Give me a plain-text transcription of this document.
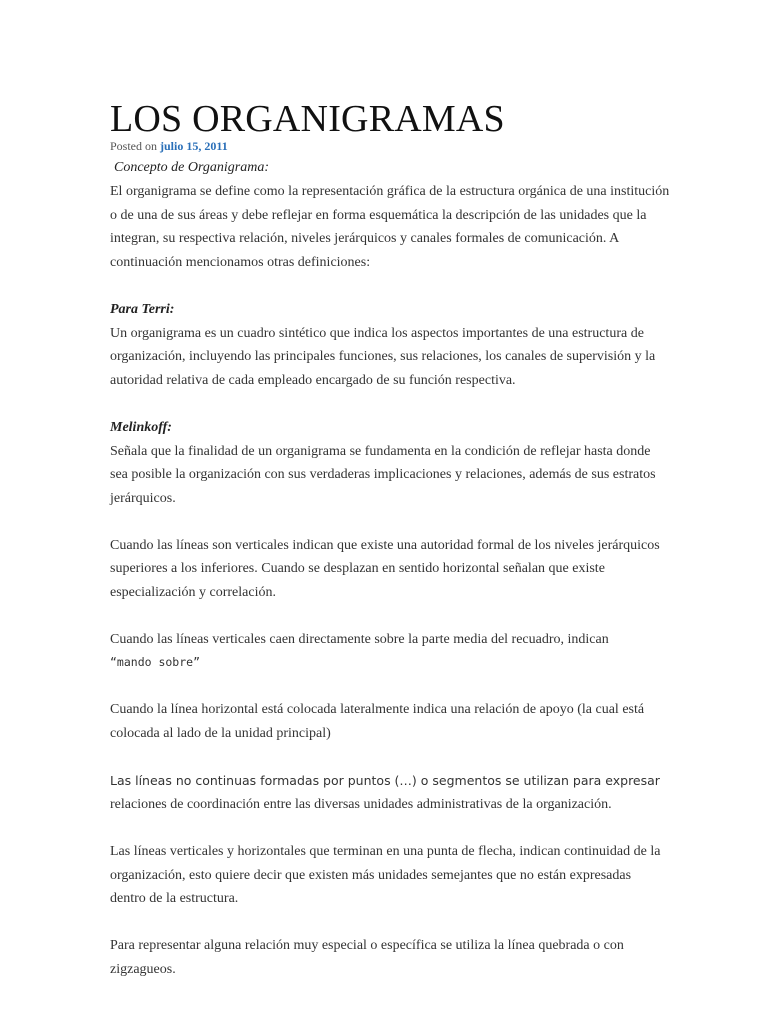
LOS ORGANIGRAMAS
Posted on julio 15, 2011
Concepto de Organigrama:

El organigrama se define como la representación gráfica de la estructura orgánica de una institución o de una de sus áreas y debe reflejar en forma esquemática la descripción de las unidades que la integran, su respectiva relación, niveles jerárquicos y canales formales de comunicación. A continuación mencionamos otras definiciones:

Para Terri:

Un organigrama es un cuadro sintético que indica los aspectos importantes de una estructura de organización, incluyendo las principales funciones, sus relaciones, los canales de supervisión y la autoridad relativa de cada empleado encargado de su función respectiva.

Melinkoff:

Señala que la finalidad de un organigrama se fundamenta en la condición de reflejar hasta donde sea posible la organización con sus verdaderas implicaciones y relaciones, además de sus estratos jerárquicos.

Cuando las líneas son verticales indican que existe una autoridad formal de los niveles jerárquicos superiores a los inferiores. Cuando se desplazan en sentido horizontal señalan que existe especialización y correlación.

Cuando las líneas verticales caen directamente sobre la parte media del recuadro, indican
“mando sobre”

Cuando la línea horizontal está colocada lateralmente indica una relación de apoyo (la cual está colocada al lado de la unidad principal)

Las líneas no continuas formadas por puntos (…) o segmentos se utilizan para expresar
relaciones de coordinación entre las diversas unidades administrativas de la organización.

Las líneas verticales y horizontales que terminan en una punta de flecha, indican continuidad de la organización, esto quiere decir que existen más unidades semejantes que no están expresadas dentro de la estructura.

Para representar alguna relación muy especial o específica se utiliza la línea quebrada o con zigzagueos.
